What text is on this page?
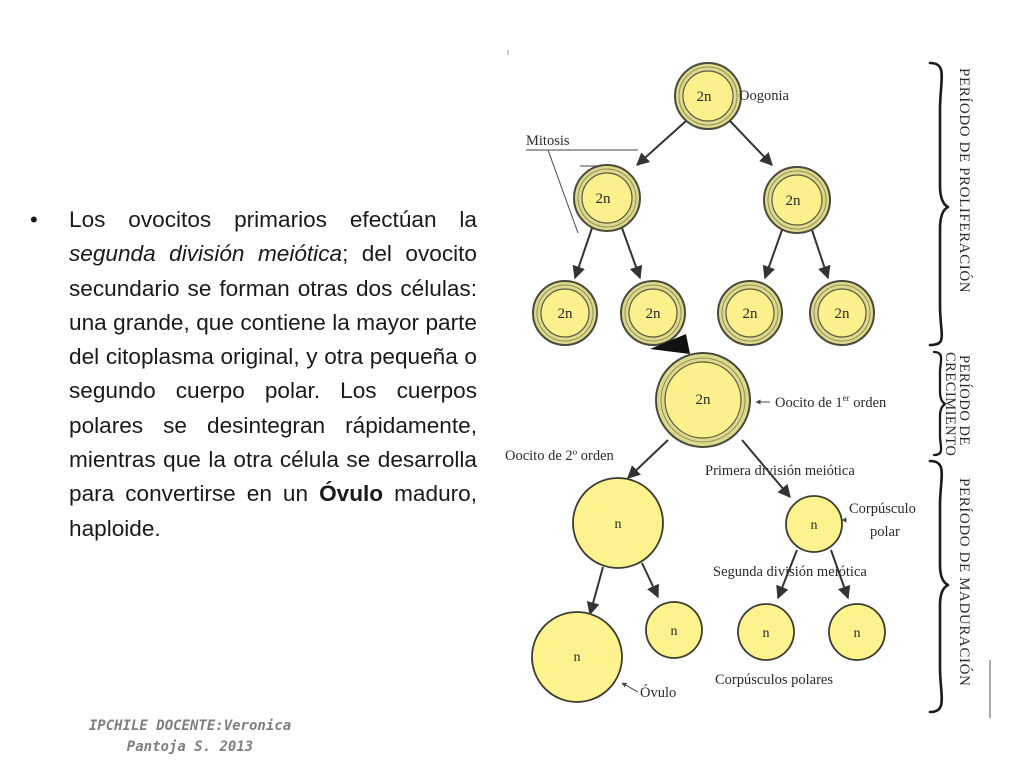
• Los ovocitos primarios efectúan la segunda división meiótica; del ovocito secundario se forman otras dos células: una grande, que contiene la mayor parte del citoplasma original, y otra pequeña o segundo cuerpo polar. Los cuerpos polares se desintegran rápidamente, mientras que la otra célula se desarrolla para convertirse en un Óvulo maduro, haploide.

IPCHILE DOCENTE:Veronica
Pantoja S. 2013
2n Oogonia
Mitosis
2n	2n
2n	2n	2n	2n
2n	Oocito de 1er orden
Oocito de 2º orden
Primera división meiótica
n	n
Corpúsculo
polar
Segunda división meiótica
n
Óvulo
n	n	n
Corpúsculos polares
PERÍODO DE PROLIFERACIÓN
PERÍODO DE
CRECIMIENTO
PERÍODO DE MADURACIÓN
